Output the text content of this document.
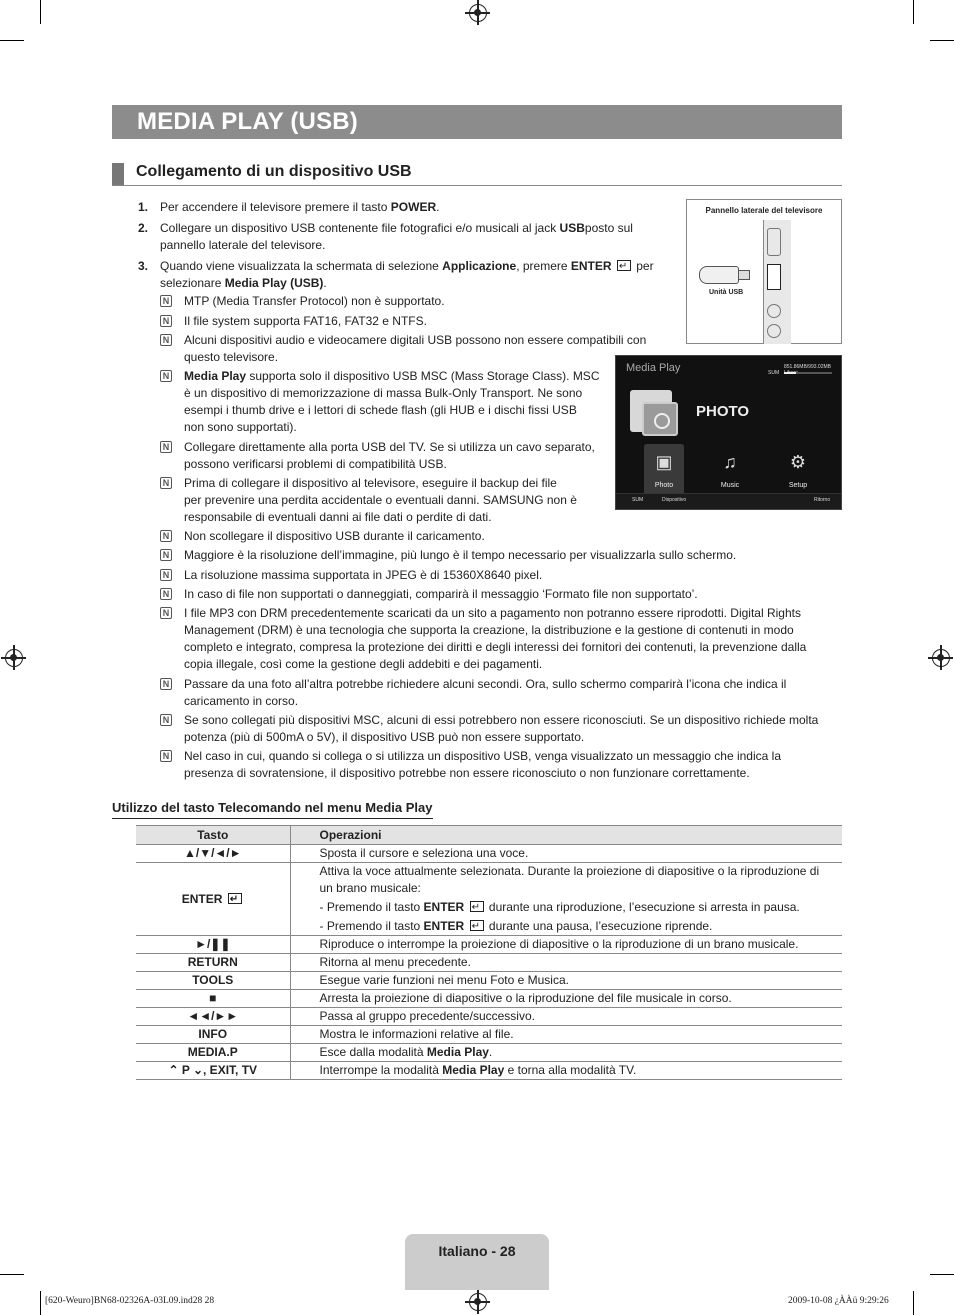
MEDIA PLAY (USB)
Collegamento di un dispositivo USB
1. Per accendere il televisore premere il tasto POWER.
2. Collegare un dispositivo USB contenente file fotografici e/o musicali al jack USBposto sul
pannello laterale del televisore.
3. Quando viene visualizzata la schermata di selezione Applicazione, premere ENTER ↵ per
selezionare Media Play (USB).
N MTP (Media Transfer Protocol) non è supportato.
N Il file system supporta FAT16, FAT32 e NTFS.
N Alcuni dispositivi audio e videocamere digitali USB possono non essere compatibili con
questo televisore.
N Media Play supporta solo il dispositivo USB MSC (Mass Storage Class). MSC
è un dispositivo di memorizzazione di massa Bulk-Only Transport. Ne sono
esempi i thumb drive e i lettori di schede flash (gli HUB e i dischi fissi USB
non sono supportati).
N Collegare direttamente alla porta USB del TV. Se si utilizza un cavo separato,
possono verificarsi problemi di compatibilità USB.
N Prima di collegare il dispositivo al televisore, eseguire il backup dei file
per prevenire una perdita accidentale o eventuali danni. SAMSUNG non è
responsabile di eventuali danni ai file dati o perdite di dati.
N Non scollegare il dispositivo USB durante il caricamento.
N Maggiore è la risoluzione dell’immagine, più lungo è il tempo necessario per visualizzarla sullo schermo.
N La risoluzione massima supportata in JPEG è di 15360X8640 pixel.
N In caso di file non supportati o danneggiati, comparirà il messaggio ‘Formato file non supportato’.
N I file MP3 con DRM precedentemente scaricati da un sito a pagamento non potranno essere riprodotti. Digital Rights
Management (DRM) è una tecnologia che supporta la creazione, la distribuzione e la gestione di contenuti in modo
completo e integrato, compresa la protezione dei diritti e degli interessi dei fornitori dei contenuti, la prevenzione dalla
copia illegale, così come la gestione degli addebiti e dei pagamenti.
N Passare da una foto all’altra potrebbe richiedere alcuni secondi. Ora, sullo schermo comparirà l’icona che indica il
caricamento in corso.
N Se sono collegati più dispositivi MSC, alcuni di essi potrebbero non essere riconosciuti. Se un dispositivo richiede molta
potenza (più di 500mA o 5V), il dispositivo USB può non essere supportato.
N Nel caso in cui, quando si collega o si utilizza un dispositivo USB, venga visualizzato un messaggio che indica la
presenza di sovratensione, il dispositivo potrebbe non essere riconosciuto o non funzionare correttamente.
Pannello laterale del televisore
Unità USB
Media Play	SUM
851.86MB/993.02MB
PHOTO
▣
Photo
♫
Music
⚙
Setup
SUM	Dispositivo	Ritorno
Utilizzo del tasto Telecomando nel menu Media Play
Tasto	Operazioni
▲/▼/◄/►	Sposta il cursore e seleziona una voce.

ENTER ↵	Attiva la voce attualmente selezionata. Durante la proiezione di diapositive o la riproduzione di
un brano musicale:
- Premendo il tasto ENTER ↵ durante una riproduzione, l’esecuzione si arresta in pausa.
- Premendo il tasto ENTER ↵ durante una pausa, l’esecuzione riprende.

►/❚❚	Riproduce o interrompe la proiezione di diapositive o la riproduzione di un brano musicale.

RETURN	Ritorna al menu precedente.

TOOLS	Esegue varie funzioni nei menu Foto e Musica.

■	Arresta la proiezione di diapositive o la riproduzione del file musicale in corso.

◄◄/►►	Passa al gruppo precedente/successivo.

INFO	Mostra le informazioni relative al file.

MEDIA.P	Esce dalla modalità Media Play.

⌃ P ⌄, EXIT, TV	Interrompe la modalità Media Play e torna alla modalità TV.
Italiano - 28
[620-Weuro]BN68-02326A-03L09.ind28 28	2009-10-08 ¿ÀÀü 9:29:26
